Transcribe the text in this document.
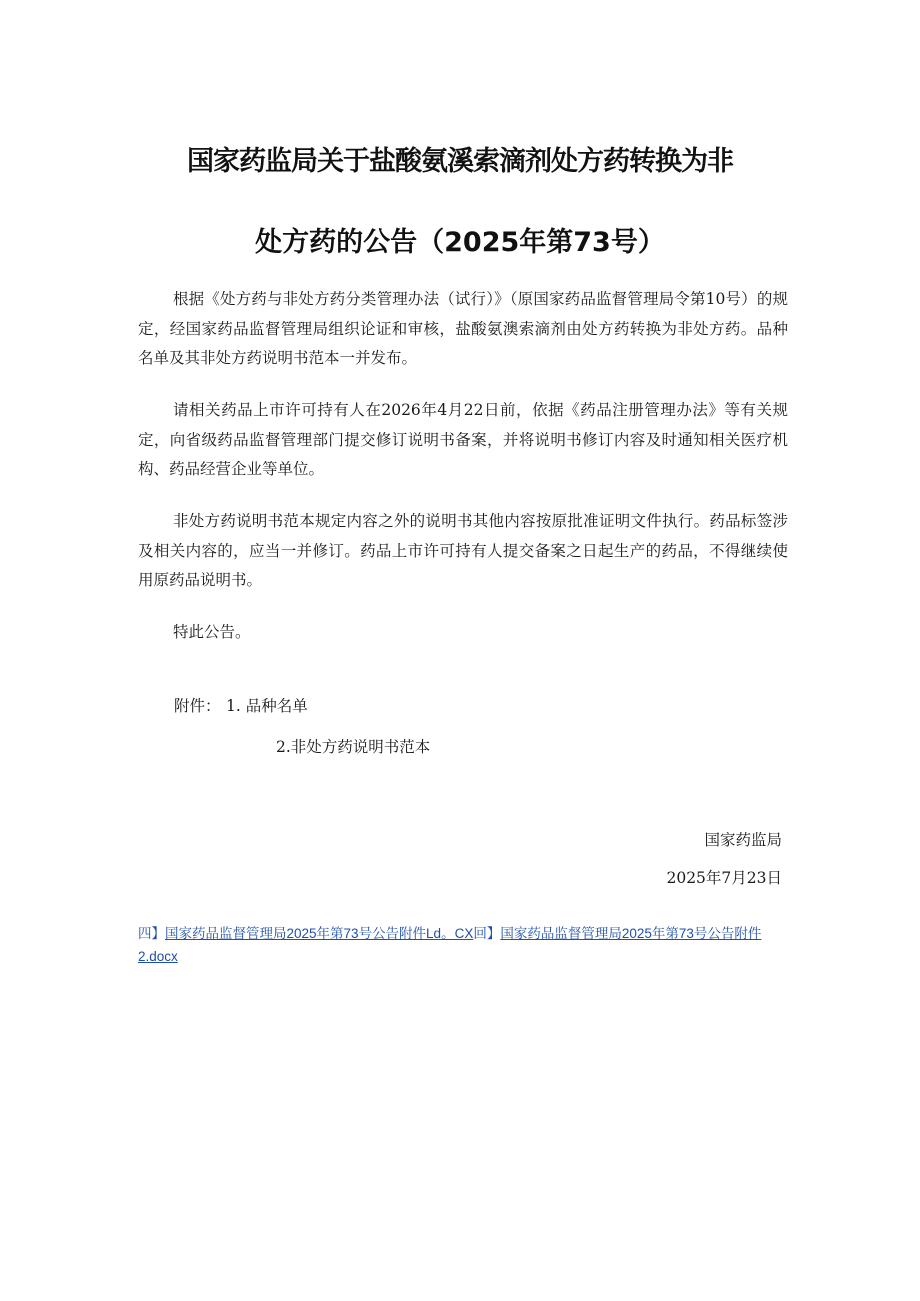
国家药监局关于盐酸氨溪索滴剂处方药转换为非
处方药的公告（2025年第73号）
根据《处方药与非处方药分类管理办法（试行）》（原国家药品监督管理局令第10号）的规定，经国家药品监督管理局组织论证和审核，盐酸氨澳索滴剂由处方药转换为非处方药。品种名单及其非处方药说明书范本一并发布。
请相关药品上市许可持有人在2026年4月22日前，依据《药品注册管理办法》等有关规定，向省级药品监督管理部门提交修订说明书备案，并将说明书修订内容及时通知相关医疗机构、药品经营企业等单位。
非处方药说明书范本规定内容之外的说明书其他内容按原批准证明文件执行。药品标签涉及相关内容的，应当一并修订。药品上市许可持有人提交备案之日起生产的药品，不得继续使用原药品说明书。
特此公告。
附件： 1. 品种名单
2.非处方药说明书范本
国家药监局
2025年7月23日
四】国家药品监督管理局2025年第73号公告附件Ld。CX回】国家药品监督管理局2025年第73号公告附件2.docx
